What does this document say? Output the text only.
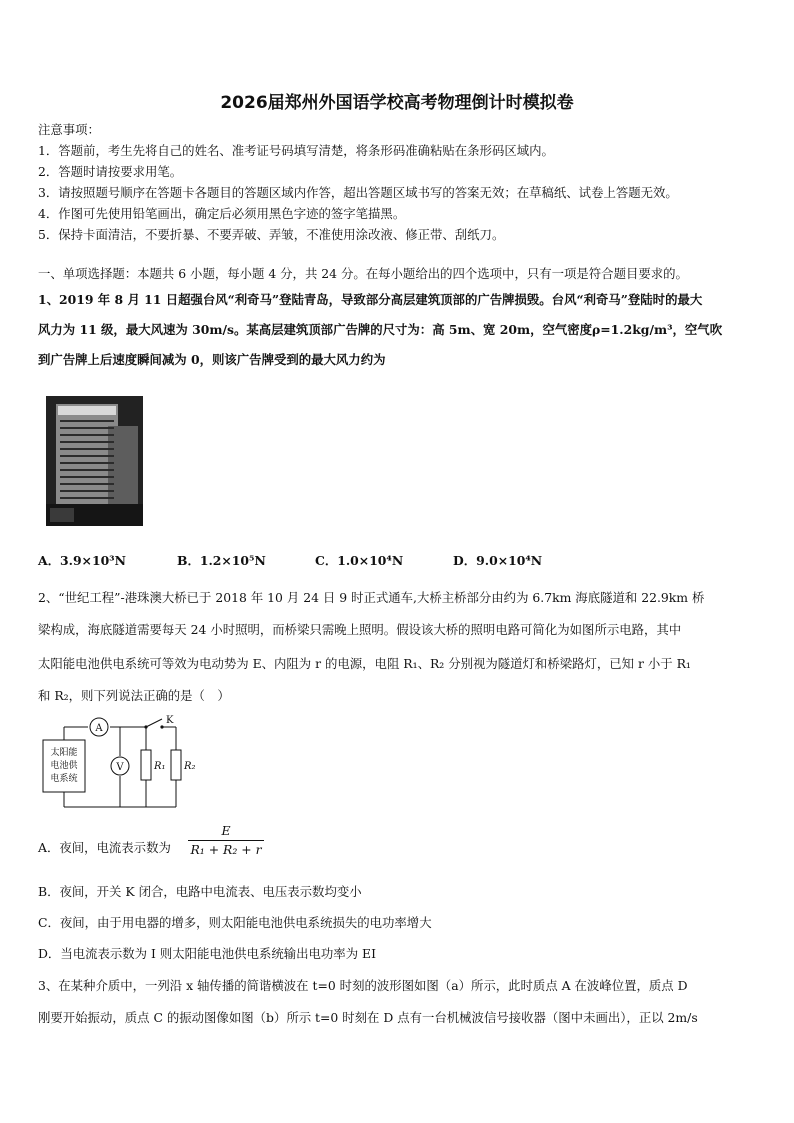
2026届郑州外国语学校高考物理倒计时模拟卷
注意事项：
1．答题前，考生先将自己的姓名、准考证号码填写清楚，将条形码准确粘贴在条形码区域内。
2．答题时请按要求用笔。
3．请按照题号顺序在答题卡各题目的答题区域内作答，超出答题区域书写的答案无效；在草稿纸、试卷上答题无效。
4．作图可先使用铅笔画出，确定后必须用黑色字迹的签字笔描黑。
5．保持卡面清洁，不要折暴、不要弄破、弄皱，不准使用涂改液、修正带、刮纸刀。
一、单项选择题：本题共 6 小题，每小题 4 分，共 24 分。在每小题给出的四个选项中，只有一项是符合题目要求的。
1、2019 年 8 月 11 日超强台风“利奇马”登陆青岛，导致部分高层建筑顶部的广告牌损毁。台风“利奇马”登陆时的最大
风力为 11 级，最大风速为 30m/s。某高层建筑顶部广告牌的尺寸为：高 5m、宽 20m，空气密度ρ=1.2kg/m³，空气吹
到广告牌上后速度瞬间减为 0，则该广告牌受到的最大风力约为
A．3.9×10³N	B．1.2×10⁵N	C．1.0×10⁴N	D．9.0×10⁴N
2、“世纪工程”-港珠澳大桥已于 2018 年 10 月 24 日 9 时正式通车,大桥主桥部分由约为 6.7km 海底隧道和 22.9km 桥
梁构成，海底隧道需要每天 24 小时照明，而桥梁只需晚上照明。假设该大桥的照明电路可简化为如图所示电路，其中
太阳能电池供电系统可等效为电动势为 E、内阻为 r 的电源，电阻 R₁、R₂ 分别视为隧道灯和桥梁路灯，已知 r 小于 R₁
和 R₂，则下列说法正确的是（　）
太阳能
电池供
电系统
A
V
K
R₁ R₂
A．夜间，电流表示数为
E
R₁ + R₂ + r
B．夜间，开关 K 闭合，电路中电流表、电压表示数均变小
C．夜间，由于用电器的增多，则太阳能电池供电系统损失的电功率增大
D．当电流表示数为 I 则太阳能电池供电系统输出电功率为 EI
3、在某种介质中，一列沿 x 轴传播的简谐横波在 t=0 时刻的波形图如图（a）所示，此时质点 A 在波峰位置，质点 D
刚要开始振动，质点 C 的振动图像如图（b）所示 t=0 时刻在 D 点有一台机械波信号接收器（图中未画出），正以 2m/s
